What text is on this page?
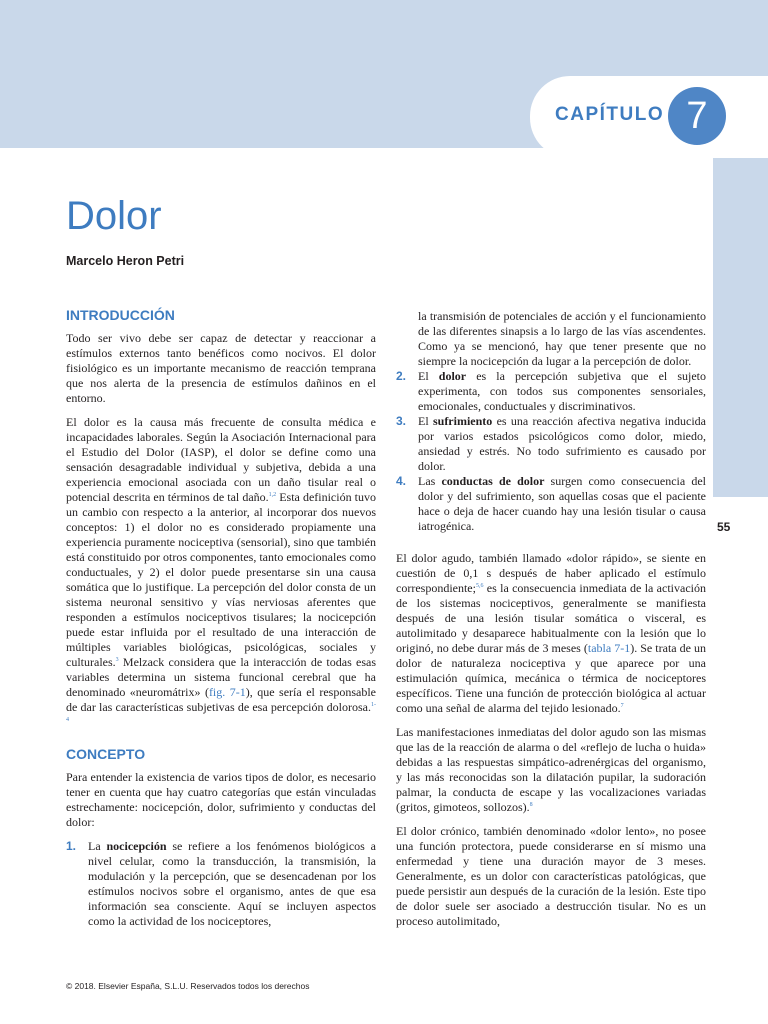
CAPÍTULO 7
Dolor
Marcelo Heron Petri
55
INTRODUCCIÓN

Todo ser vivo debe ser capaz de detectar y reaccionar a estímulos externos tanto benéficos como nocivos. El dolor fisiológico es un importante mecanismo de reacción temprana que nos alerta de la presencia de estímulos dañinos en el entorno.

El dolor es la causa más frecuente de consulta médica e incapacidades laborales. Según la Asociación Internacional para el Estudio del Dolor (IASP), el dolor se define como una sensación desagradable individual y subjetiva, debida a una experiencia emocional asociada con un daño tisular real o potencial descrita en términos de tal daño.$^{1,2}$ Esta definición tuvo un cambio con respecto a la anterior, al incorporar dos nuevos conceptos: 1) el dolor no es considerado propiamente una experiencia puramente nociceptiva (sensorial), sino que también está constituido por otros componentes, tanto emocionales como conductuales, y 2) el dolor puede presentarse sin una causa somática que lo justifique. La percepción del dolor consta de un sistema neuronal sensitivo y vías nerviosas aferentes que responden a estímulos nociceptivos tisulares; la nocicepción puede estar influida por el resultado de una interacción de múltiples variables biológicas, psicológicas, sociales y culturales.$^3$ Melzack considera que la interacción de todas esas variables determina un sistema funcional cerebral que ha denominado «neuromátrix» (fig. 7-1), que sería el responsable de dar las características subjetivas de esa percepción dolorosa.$^{1-4}$

CONCEPTO

Para entender la existencia de varios tipos de dolor, es necesario tener en cuenta que hay cuatro categorías que están vinculadas estrechamente: nocicepción, dolor, sufrimiento y conductas del dolor:

1. La nocicepción se refiere a los fenómenos biológicos a nivel celular, como la transducción, la transmisión, la modulación y la percepción, que se desencadenan por los estímulos nocivos sobre el organismo, antes de que esa información sea consciente. Aquí se incluyen aspectos como la actividad de los nociceptores,

la transmisión de potenciales de acción y el funcionamiento de las diferentes sinapsis a lo largo de las vías ascendentes. Como ya se mencionó, hay que tener presente que no siempre la nocicepción da lugar a la percepción de dolor.

2. El dolor es la percepción subjetiva que el sujeto experimenta, con todos sus componentes sensoriales, emocionales, conductuales y discriminativos.
3. El sufrimiento es una reacción afectiva negativa inducida por varios estados psicológicos como dolor, miedo, ansiedad y estrés. No todo sufrimiento es causado por dolor.
4. Las conductas de dolor surgen como consecuencia del dolor y del sufrimiento, son aquellas cosas que el paciente hace o deja de hacer cuando hay una lesión tisular o causa iatrogénica.

El dolor agudo, también llamado «dolor rápido», se siente en cuestión de 0,1 s después de haber aplicado el estímulo correspondiente;$^{5,6}$ es la consecuencia inmediata de la activación de los sistemas nociceptivos, generalmente se manifiesta después de una lesión tisular somática o visceral, es autolimitado y desaparece habitualmente con la lesión que lo originó, no debe durar más de 3 meses (tabla 7-1). Se trata de un dolor de naturaleza nociceptiva y que aparece por una estimulación química, mecánica o térmica de nociceptores específicos. Tiene una función de protección biológica al actuar como una señal de alarma del tejido lesionado.$^7$

Las manifestaciones inmediatas del dolor agudo son las mismas que las de la reacción de alarma o del «reflejo de lucha o huida» debidas a las respuestas simpático-adrenérgicas del organismo, y las más reconocidas son la dilatación pupilar, la sudoración palmar, la conducta de escape y las vocalizaciones variadas (gritos, gimoteos, sollozos).$^8$

El dolor crónico, también denominado «dolor lento», no posee una función protectora, puede considerarse en sí mismo una enfermedad y tiene una duración mayor de 3 meses. Generalmente, es un dolor con características patológicas, que puede persistir aun después de la curación de la lesión. Este tipo de dolor suele ser asociado a destrucción tisular. No es un proceso autolimitado,

© 2018. Elsevier España, S.L.U. Reservados todos los derechos
